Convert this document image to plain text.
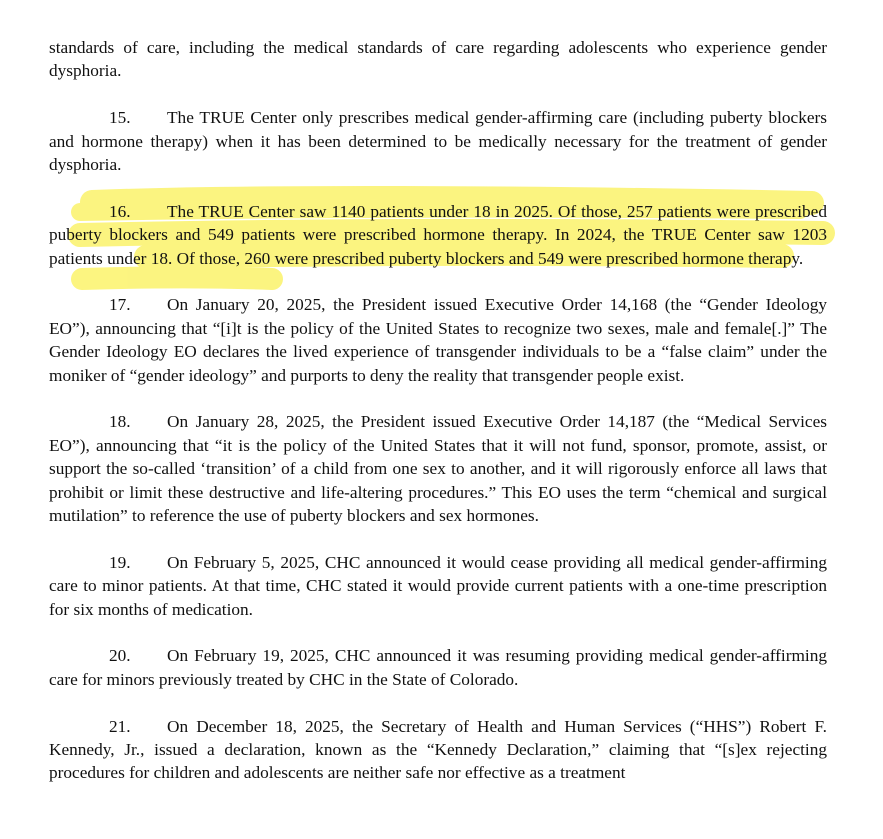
standards of care, including the medical standards of care regarding adolescents who experience gender dysphoria.

15. The TRUE Center only prescribes medical gender-affirming care (including puberty blockers and hormone therapy) when it has been determined to be medically necessary for the treatment of gender dysphoria.

16. The TRUE Center saw 1140 patients under 18 in 2025. Of those, 257 patients were prescribed puberty blockers and 549 patients were prescribed hormone therapy. In 2024, the TRUE Center saw 1203 patients under 18. Of those, 260 were prescribed puberty blockers and 549 were prescribed hormone therapy.

17. On January 20, 2025, the President issued Executive Order 14,168 (the “Gender Ideology EO”), announcing that “[i]t is the policy of the United States to recognize two sexes, male and female[.]” The Gender Ideology EO declares the lived experience of transgender individuals to be a “false claim” under the moniker of “gender ideology” and purports to deny the reality that transgender people exist.

18. On January 28, 2025, the President issued Executive Order 14,187 (the “Medical Services EO”), announcing that “it is the policy of the United States that it will not fund, sponsor, promote, assist, or support the so-called ‘transition’ of a child from one sex to another, and it will rigorously enforce all laws that prohibit or limit these destructive and life-altering procedures.” This EO uses the term “chemical and surgical mutilation” to reference the use of puberty blockers and sex hormones.

19. On February 5, 2025, CHC announced it would cease providing all medical gender-affirming care to minor patients. At that time, CHC stated it would provide current patients with a one-time prescription for six months of medication.

20. On February 19, 2025, CHC announced it was resuming providing medical gender-affirming care for minors previously treated by CHC in the State of Colorado.

21. On December 18, 2025, the Secretary of Health and Human Services (“HHS”) Robert F. Kennedy, Jr., issued a declaration, known as the “Kennedy Declaration,” claiming that “[s]ex rejecting procedures for children and adolescents are neither safe nor effective as a treatment
